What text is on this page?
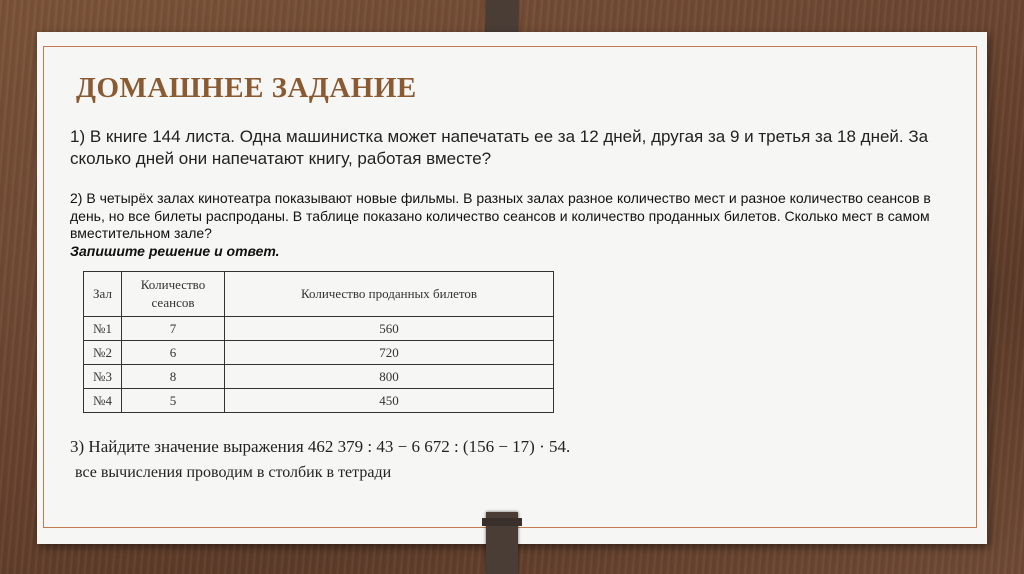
ДОМАШНЕЕ ЗАДАНИЕ

1) В книге 144 листа. Одна машинистка может напечатать ее за 12 дней, другая за 9 и третья за 18 дней. За сколько дней они напечатают книгу, работая вместе?

2) В четырёх залах кинотеатра показывают новые фильмы. В разных залах разное количество мест и разное количество сеансов в день, но все билеты распроданы. В таблице показано количество сеансов и количество проданных билетов. Сколько мест в самом вместительном зале?
Запишите решение и ответ.

Зал	Количество сеансов	Количество проданных билетов
№1	7	560
№2	6	720
№3	8	800
№4	5	450

3) Найдите значение выражения 462 379 : 43 − 6 672 : (156 − 17) · 54.

все вычисления проводим в столбик в тетради
